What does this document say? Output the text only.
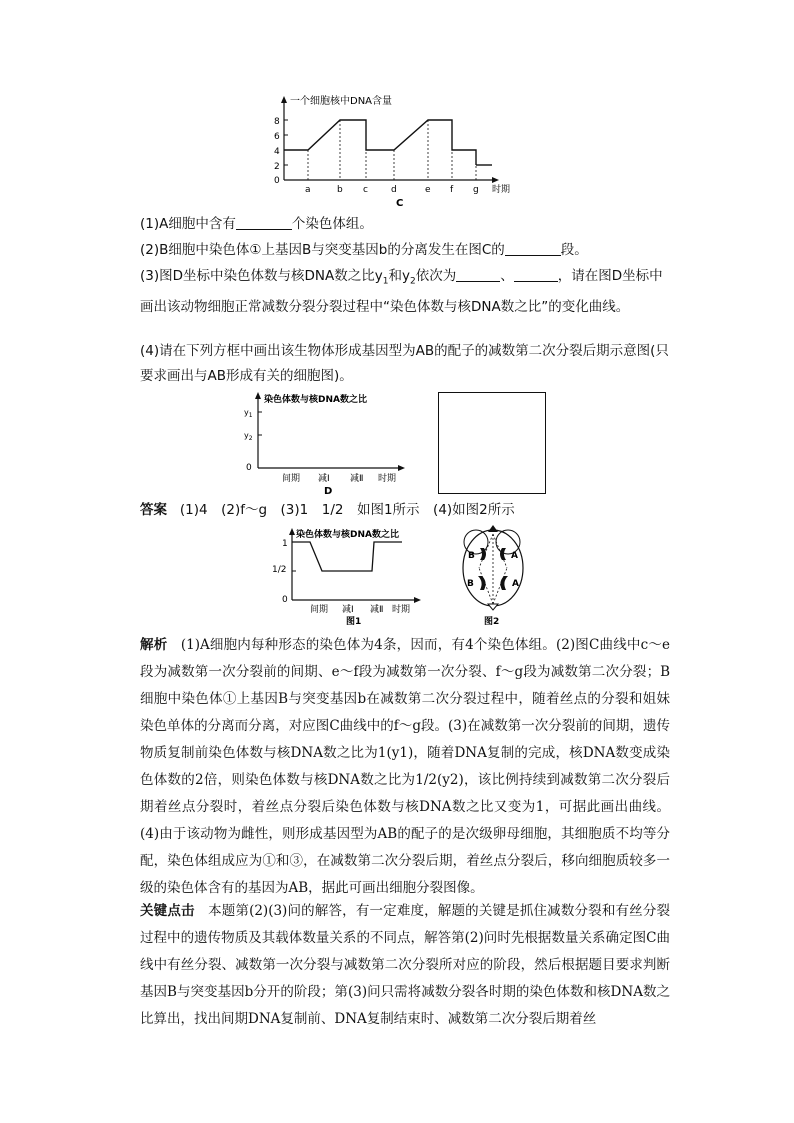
一个细胞核中DNA含量
8
6
4
2
0
a	b c	d	e f g 时期
C
(1)A细胞中含有	个染色体组。
(2)B细胞中染色体①上基因B与突变基因b的分离发生在图C的	段。
(3)图D坐标中染色体数与核DNA数之比$y_1$和$y_2$依次为	、	，请在图D坐标中画出该动物细胞正常减数分裂分裂过程中“染色体数与核DNA数之比”的变化曲线。
(4)请在下列方框中画出该生物体形成基因型为AB的配子的减数第二次分裂后期示意图(只要求画出与AB形成有关的细胞图)。
染色体数与核DNA数之比
$y_1$
$y_2$
0
间期 减Ⅰ 减Ⅱ 时期
D
答案 (1)4　(2)f～g　(3)1　1/2　如图1所示　(4)如图2所示
染色体数与核DNA数之比
1
1/2
0
间期 减Ⅰ 减Ⅱ 时期
图1
B	A
B	A
图2
解析 (1)A细胞内每种形态的染色体为4条，因而，有4个染色体组。(2)图C曲线中c～e段为减数第一次分裂前的间期、e～f段为减数第一次分裂、f～g段为减数第二次分裂；B细胞中染色体①上基因B与突变基因b在减数第二次分裂过程中，随着丝点的分裂和姐妹染色单体的分离而分离，对应图C曲线中的f～g段。(3)在减数第一次分裂前的间期，遗传物质复制前染色体数与核DNA数之比为1(y1)，随着DNA复制的完成，核DNA数变成染色体数的2倍，则染色体数与核DNA数之比为1/2(y2)，该比例持续到减数第二次分裂后期着丝点分裂时，着丝点分裂后染色体数与核DNA数之比又变为1，可据此画出曲线。(4)由于该动物为雌性，则形成基因型为AB的配子的是次级卵母细胞，其细胞质不均等分配，染色体组成应为①和③，在减数第二次分裂后期，着丝点分裂后，移向细胞质较多一级的染色体含有的基因为AB，据此可画出细胞分裂图像。
关键点击 本题第(2)(3)问的解答，有一定难度，解题的关键是抓住减数分裂和有丝分裂过程中的遗传物质及其载体数量关系的不同点，解答第(2)问时先根据数量关系确定图C曲线中有丝分裂、减数第一次分裂与减数第二次分裂所对应的阶段，然后根据题目要求判断基因B与突变基因b分开的阶段；第(3)问只需将减数分裂各时期的染色体数和核DNA数之比算出，找出间期DNA复制前、DNA复制结束时、减数第二次分裂后期着丝
